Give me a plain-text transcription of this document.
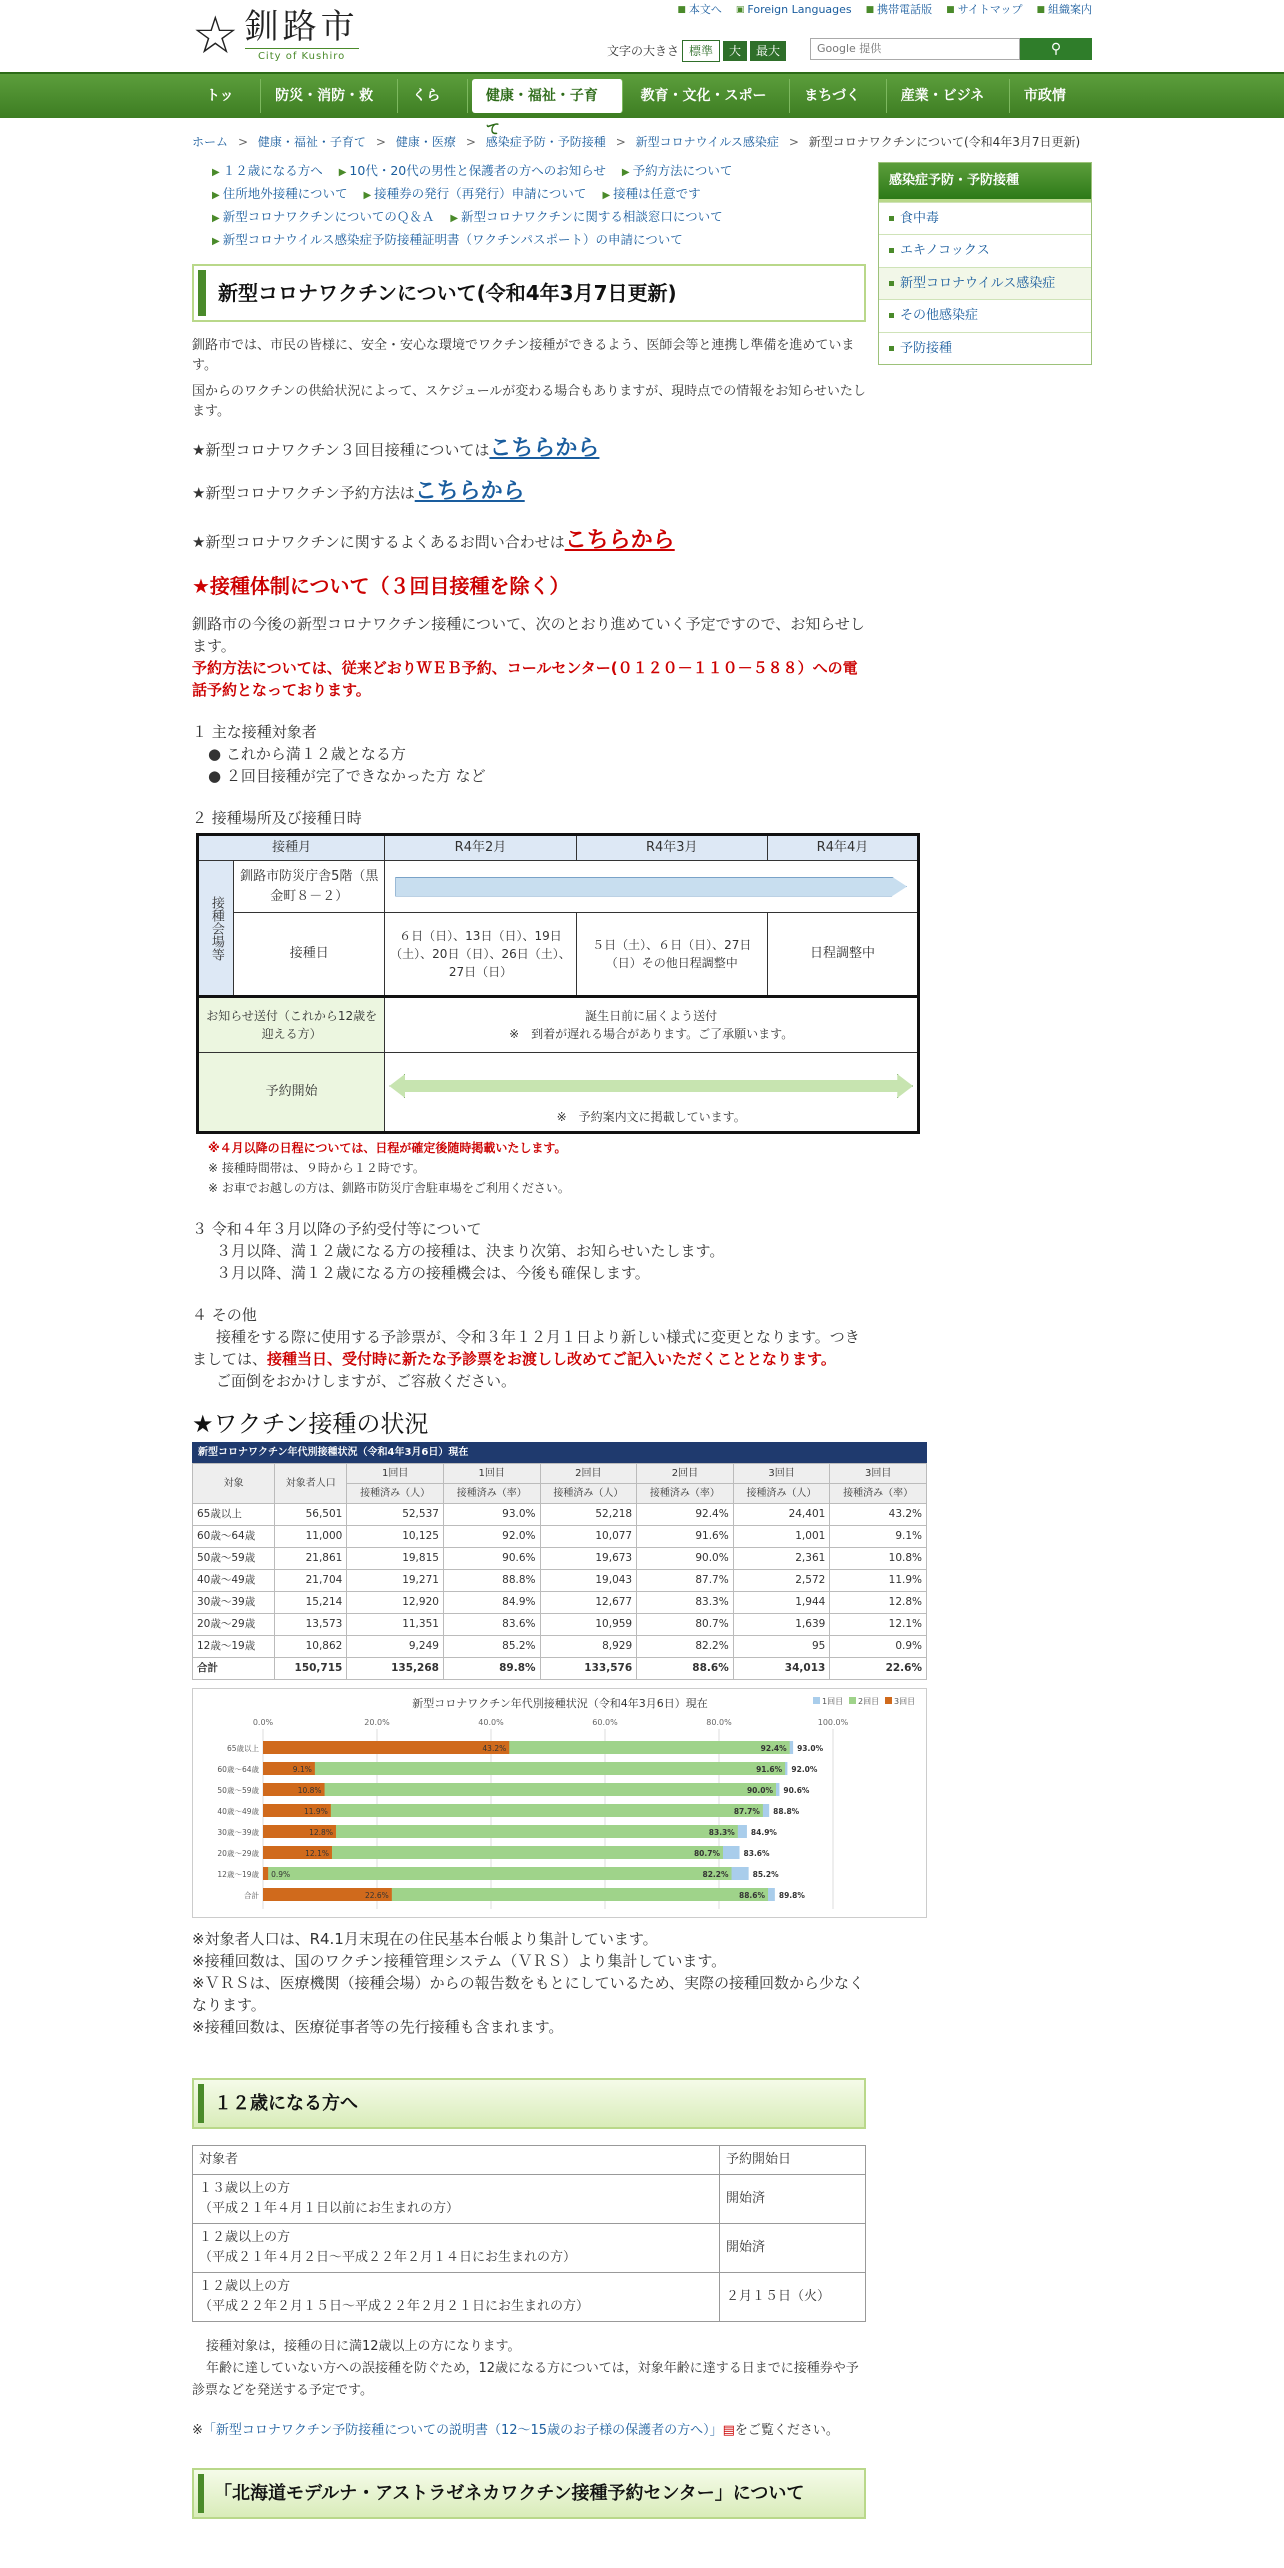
☆ 釧路市
City of Kushiro
■ 本文へ ▣ Foreign Languages ■ 携帯電話版 ■ サイトマップ ■ 組織案内
文字の大きさ 標準	大	最大	Google 提供	⚲
トップ
防災・消防・救急
くらし
健康・福祉・子育て
教育・文化・スポーツ
まちづくり
産業・ビジネス
市政情報
ホーム > 健康・福祉・子育て > 健康・医療 > 感染症予防・予防接種 > 新型コロナウイルス感染症 > 新型コロナワクチンについて(令和4年3月7日更新)
▶ １２歳になる方へ ▶ 10代・20代の男性と保護者の方へのお知らせ ▶ 予約方法について
▶ 住所地外接種について ▶ 接種券の発行（再発行）申請について ▶ 接種は任意です
▶ 新型コロナワクチンについてのＱ＆Ａ ▶ 新型コロナワクチンに関する相談窓口について
▶ 新型コロナウイルス感染症予防接種証明書（ワクチンパスポート）の申請について
新型コロナワクチンについて(令和4年3月7日更新)

釧路市では、市民の皆様に、安全・安心な環境でワクチン接種ができるよう、医師会等と連携し準備を進めています。

国からのワクチンの供給状況によって、スケジュールが変わる場合もありますが、現時点での情報をお知らせいたします。

★新型コロナワクチン３回目接種についてはこちらから
★新型コロナワクチン予約方法はこちらから
★新型コロナワクチンに関するよくあるお問い合わせはこちらから
★接種体制について（３回目接種を除く）

釧路市の今後の新型コロナワクチン接種について、次のとおり進めていく予定ですので、お知らせします。

予約方法については、従来どおりＷＥＢ予約、コールセンター(０１２０－１１０－５８８）への電話予約となっております。

１ 主な接種対象者

● これから満１２歳となる方

● ２回目接種が完了できなかった方 など

２ 接種場所及び接種日時

接種月		R4年2月	R4年3月	R4年4月
接種会場等	釧路市防災庁舎5階（黒金町８－２）			

	接種日	６日（日）、13日（日）、19日（土）、20日（日）、26日（土）、27日（日）	５日（土）、６日（日）、27日（日）その他日程調整中	日程調整中
お知らせ送付（これから12歳を迎える方）		誕生日前に届くよう送付
※　到着が遅れる場合があります。ご了承願います。		

予約開始		※　予約案内文に掲載しています。		

※４月以降の日程については、日程が確定後随時掲載いたします。

※ 接種時間帯は、９時から１２時です。

※ お車でお越しの方は、釧路市防災庁舎駐車場をご利用ください。

３ 令和４年３月以降の予約受付等について

３月以降、満１２歳になる方の接種は、決まり次第、お知らせいたします。

３月以降、満１２歳になる方の接種機会は、今後も確保します。

４ その他

接種をする際に使用する予診票が、令和３年１２月１日より新しい様式に変更となります。つきましては、接種当日、受付時に新たな予診票をお渡しし改めてご記入いただくこととなります。

ご面倒をおかけしますが、ご容赦ください。

★ワクチン接種の状況
新型コロナワクチン年代別接種状況（令和4年3月6日）現在
対象	対象者人口	1回目	1回目	2回目	2回目	3回目	3回目
		接種済み（人）	接種済み（率）	接種済み（人）	接種済み（率）	接種済み（人）	接種済み（率）
65歳以上	56,501	52,537	93.0%	52,218	92.4%	24,401	43.2%
60歳〜64歳	11,000	10,125	92.0%	10,077	91.6%	1,001	9.1%
50歳〜59歳	21,861	19,815	90.6%	19,673	90.0%	2,361	10.8%
40歳〜49歳	21,704	19,271	88.8%	19,043	87.7%	2,572	11.9%
30歳〜39歳	15,214	12,920	84.9%	12,677	83.3%	1,944	12.8%
20歳〜29歳	13,573	11,351	83.6%	10,959	80.7%	1,639	12.1%
12歳〜19歳	10,862	9,249	85.2%	8,929	82.2%	95	0.9%
合計	150,715	135,268	89.8%	133,576	88.6%	34,013	22.6%
新型コロナワクチン年代別接種状況（令和4年3月6日）現在	1回目 2回目 3回目
0.0%	20.0%	40.0%	60.0%	80.0%	100.0%
65歳以上	93.0%
92.4%
43.2%
60歳〜64歳	92.0%
91.6%
9.1%
50歳〜59歳	90.6%
90.0%
10.8%
40歳〜49歳	88.8%
87.7%
11.9%
30歳〜39歳	84.9%
83.3%
12.8%
20歳〜29歳	83.6%
80.7%
12.1%
12歳〜19歳	85.2%
82.2%
0.9%
合計	89.8%
88.6%
22.6%

※対象者人口は、R4.1月末現在の住民基本台帳より集計しています。

※接種回数は、国のワクチン接種管理システム（ＶＲＳ）より集計しています。

※ＶＲＳは、医療機関（接種会場）からの報告数をもとにしているため、実際の接種回数から少なくなります。

※接種回数は、医療従事者等の先行接種も含まれます。

１２歳になる方へ
対象者	予約開始日

１３歳以上の方
（平成２１年４月１日以前にお生まれの方）	開始済

１２歳以上の方
（平成２１年４月２日～平成２２年２月１４日にお生まれの方）	開始済

１２歳以上の方
（平成２２年２月１５日～平成２２年２月２１日にお生まれの方）	２月１５日（火）

接種対象は，接種の日に満12歳以上の方になります。

年齢に達していない方への誤接種を防ぐため，12歳になる方については，対象年齢に達する日までに接種券や予診票などを発送する予定です。

※「新型コロナワクチン予防接種についての説明書（12～15歳のお子様の保護者の方へ）」▤をご覧ください。

「北海道モデルナ・アストラゼネカワクチン接種予約センター」について
感染症予防・予防接種
食中毒
エキノコックス
新型コロナウイルス感染症
その他感染症
予防接種
